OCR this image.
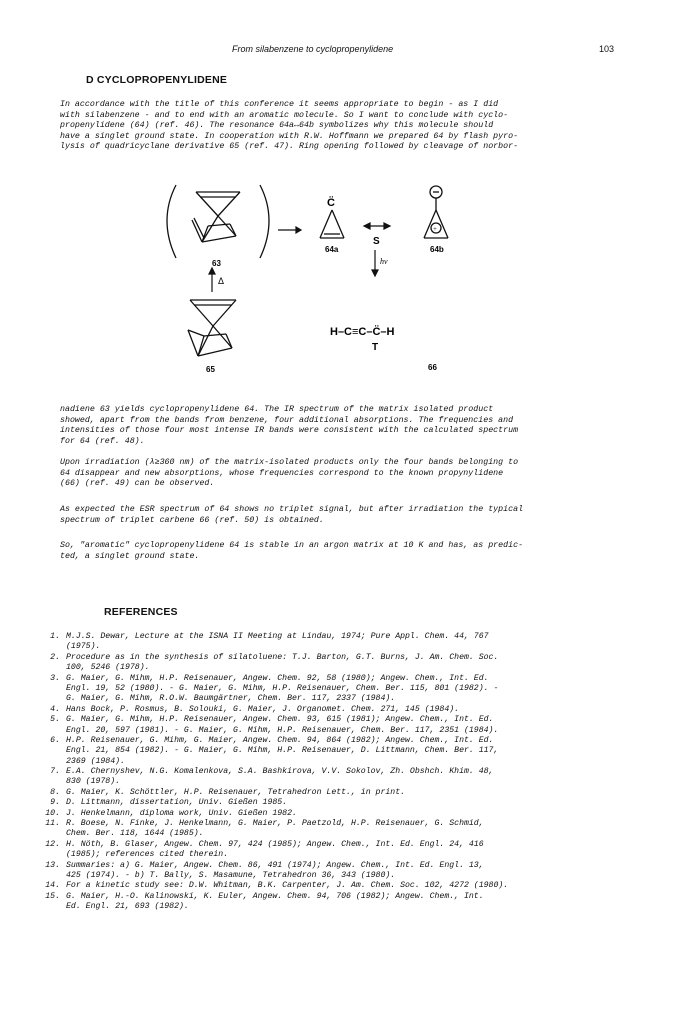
From silabenzene to cyclopropenylidene	103
D CYCLOPROPENYLIDENE
In accordance with the title of this conference it seems appropriate to begin - as I did
with silabenzene - and to end with an aromatic molecule. So I want to conclude with cyclo-
propenylidene (64) (ref. 46). The resonance 64a↔64b symbolizes why this molecule should
have a singlet ground state. In cooperation with R.W. Hoffmann we prepared 64 by flash pyro-
lysis of quadricyclane derivative 65 (ref. 47). Ring opening followed by cleavage of norbor-
63
C̈
64a
S
+
64b
hν
Δ
65
H–C≡C–C̈–H
T
66
nadiene 63 yields cyclopropenylidene 64. The IR spectrum of the matrix isolated product
showed, apart from the bands from benzene, four additional absorptions. The frequencies and
intensities of those four most intense IR bands were consistent with the calculated spectrum
for 64 (ref. 48).
Upon irradiation (λ≥360 nm) of the matrix-isolated products only the four bands belonging to
64 disappear and new absorptions, whose frequencies correspond to the known propynylidene
(66) (ref. 49) can be observed.
As expected the ESR spectrum of 64 shows no triplet signal, but after irradiation the typical
spectrum of triplet carbene 66 (ref. 50) is obtained.
So, "aromatic" cyclopropenylidene 64 is stable in an argon matrix at 10 K and has, as predic-
ted, a singlet ground state.
REFERENCES
1. M.J.S. Dewar, Lecture at the ISNA II Meeting at Lindau, 1974; Pure Appl. Chem. 44, 767
(1975).
2. Procedure as in the synthesis of silatoluene: T.J. Barton, G.T. Burns, J. Am. Chem. Soc.
100, 5246 (1978).
3. G. Maier, G. Mihm, H.P. Reisenauer, Angew. Chem. 92, 58 (1980); Angew. Chem., Int. Ed.
Engl. 19, 52 (1980). - G. Maier, G. Mihm, H.P. Reisenauer, Chem. Ber. 115, 801 (1982). -
G. Maier, G. Mihm, R.O.W. Baumgärtner, Chem. Ber. 117, 2337 (1984).
4. Hans Bock, P. Rosmus, B. Solouki, G. Maier, J. Organomet. Chem. 271, 145 (1984).
5. G. Maier, G. Mihm, H.P. Reisenauer, Angew. Chem. 93, 615 (1981); Angew. Chem., Int. Ed.
Engl. 20, 597 (1981). - G. Maier, G. Mihm, H.P. Reisenauer, Chem. Ber. 117, 2351 (1984).
6. H.P. Reisenauer, G. Mihm, G. Maier, Angew. Chem. 94, 864 (1982); Angew. Chem., Int. Ed.
Engl. 21, 854 (1982). - G. Maier, G. Mihm, H.P. Reisenauer, D. Littmann, Chem. Ber. 117,
2369 (1984).
7. E.A. Chernyshev, N.G. Komalenkova, S.A. Bashkirova, V.V. Sokolov, Zh. Obshch. Khim. 48,
830 (1978).
8. G. Maier, K. Schöttler, H.P. Reisenauer, Tetrahedron Lett., in print.
9. D. Littmann, dissertation, Univ. Gießen 1985.
10. J. Henkelmann, diploma work, Univ. Gießen 1982.
11. R. Boese, N. Finke, J. Henkelmann, G. Maier, P. Paetzold, H.P. Reisenauer, G. Schmid,
Chem. Ber. 118, 1644 (1985).
12. H. Nöth, B. Glaser, Angew. Chem. 97, 424 (1985); Angew. Chem., Int. Ed. Engl. 24, 416
(1985); references cited therein.
13. Summaries: a) G. Maier, Angew. Chem. 86, 491 (1974); Angew. Chem., Int. Ed. Engl. 13,
425 (1974). - b) T. Bally, S. Masamune, Tetrahedron 36, 343 (1980).
14. For a kinetic study see: D.W. Whitman, B.K. Carpenter, J. Am. Chem. Soc. 102, 4272 (1980).
15. G. Maier, H.-O. Kalinowski, K. Euler, Angew. Chem. 94, 706 (1982); Angew. Chem., Int.
Ed. Engl. 21, 693 (1982).
